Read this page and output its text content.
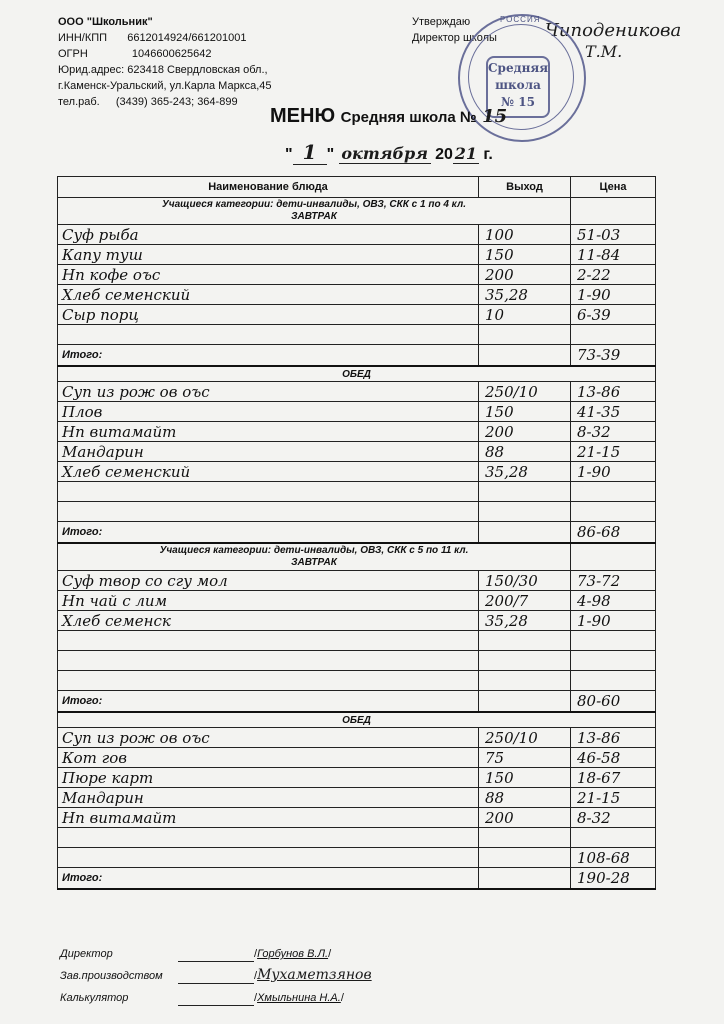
ООО "Школьник"
ИНН/КПП 6612014924/661201001
ОГРН	1046600625642
Юрид.адрес: 623418 Свердловская обл.,
г.Каменск-Уральский, ул.Карла Маркса,45
тел.раб. (3439) 365-243; 364-899
Утверждаю
Директор школы	Чиподеникова
Т.М.
РОССИЯ
Средняя
школа
№ 15
МЕНЮ Средняя школа № 15
" 1 " октября 20 21 г.
Наименование блюда	Выход	Цена

Учащиеся категории: дети-инвалиды, ОВЗ, СКК с 1 по 4 кл.
ЗАВТРАК		

Суф рыба	100	51-03
Капу туш	150	11-84
Нп кофе оъс	200	2-22
Хлеб семенский	35,28	1-90
Сыр порц	10	6-39

Итого:		73-39
ОБЕД		
Суп из рож ов оъс	250/10	13-86
Плов	150	41-35
Нп витамайт	200	8-32
Мандарин	88	21-15
Хлеб семенский	35,28	1-90

Итого:		86-68

Учащиеся категории: дети-инвалиды, ОВЗ, СКК с 5 по 11 кл.
ЗАВТРАК		

Суф твор со сгу мол	150/30	73-72
Нп чай с лим	200/7	4-98
Хлеб семенск	35,28	1-90

Итого:		80-60
ОБЕД		
Суп из рож ов оъс	250/10	13-86
Кот гов	75	46-58
Пюре карт	150	18-67
Мандарин	88	21-15
Нп витамайт	200	8-32

		108-68
Итого:		190-28
Директор	/Горбунов В.Л./
Зав.производством	/Мухаметзянов
Калькулятор	/Хмыльнина Н.А./
